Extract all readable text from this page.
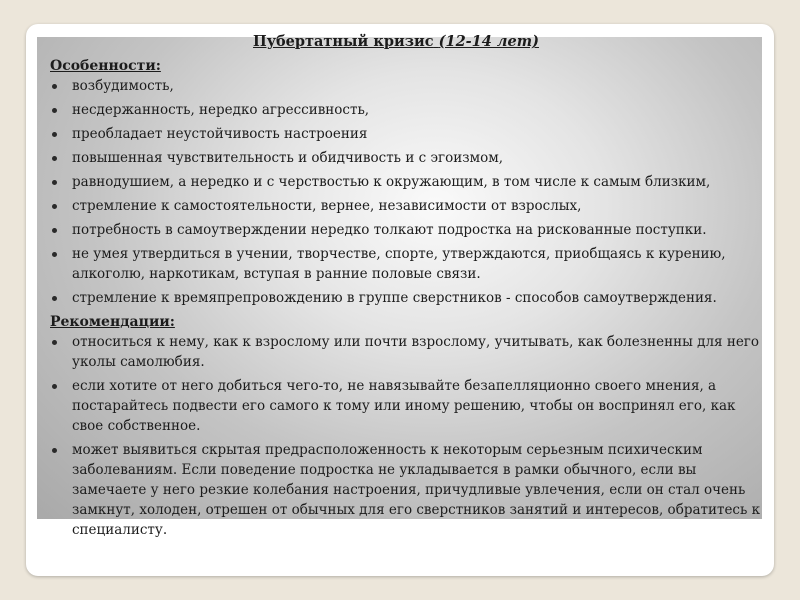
Пубертатный кризис (12-14 лет)
Особенности:
возбудимость,
несдержанность, нередко агрессивность,
преобладает неустойчивость настроения
повышенная чувствительность и обидчивость и с эгоизмом,
равнодушием, а нередко и с черствостью к окружающим, в том числе к самым близким,
стремление к самостоятельности, вернее, независимости от взрослых,
потребность в самоутверждении нередко толкают подростка на рискованные поступки.
не умея утвердиться в учении, творчестве, спорте, утверждаются, приобщаясь к курению, алкоголю, наркотикам, вступая в ранние половые связи.
стремление к времяпрепровождению в группе сверстников - способов самоутверждения.
Рекомендации:
относиться к нему, как к взрослому или почти взрослому, учитывать, как болезненны для него уколы самолюбия.
если хотите от него добиться чего-то, не навязывайте безапелляционно своего мнения, а постарайтесь подвести его самого к тому или иному решению, чтобы он воспринял его, как свое собственное.
может выявиться скрытая предрасположенность к некоторым серьезным психическим заболеваниям. Если поведение подростка не укладывается в рамки обычного, если вы замечаете у него резкие колебания настроения, причудливые увлечения, если он стал очень замкнут, холоден, отрешен от обычных для его сверстников занятий и интересов, обратитесь к специалисту.
